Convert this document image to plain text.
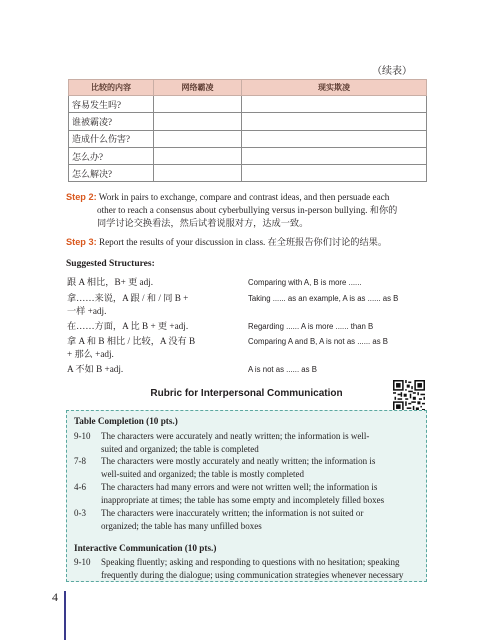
（续表）
比较的内容	网络霸凌	现实欺凌
容易发生吗?		
谁被霸凌?		
造成什么伤害?		
怎么办?		
怎么解决?		
Step 2: Work in pairs to exchange, compare and contrast ideas, and then persuade each
other to reach a consensus about cyberbullying versus in-person bullying. 和你的
同学讨论交换看法，然后试着说服对方，达成一致。
Step 3: Report the results of your discussion in class. 在全班报告你们讨论的结果。
Suggested Structures:
跟 A 相比，B+ 更 adj.	Comparing with A, B is more ......
拿……来说，A 跟 / 和 / 同 B +
一样 +adj.
Taking ...... as an example, A is as ...... as B
在……方面，A 比 B + 更 +adj.	Regarding ...... A is more ...... than B
拿 A 和 B 相比 / 比较，A 没有 B
+ 那么 +adj.
Comparing A and B, A is not as ...... as B
A 不如 B +adj.	A is not as ...... as B
Rubric for Interpersonal Communication
Table Completion (10 pts.)
9-10	The characters were accurately and neatly written; the information is well-
suited and organized; the table is completed
7-8	The characters were mostly accurately and neatly written; the information is
well-suited and organized; the table is mostly completed
4-6	The characters had many errors and were not written well; the information is
inappropriate at times; the table has some empty and incompletely filled boxes
0-3	The characters were inaccurately written; the information is not suited or
organized; the table has many unfilled boxes
Interactive Communication (10 pts.)
9-10	Speaking fluently; asking and responding to questions with no hesitation; speaking
frequently during the dialogue; using communication strategies whenever necessary
4
